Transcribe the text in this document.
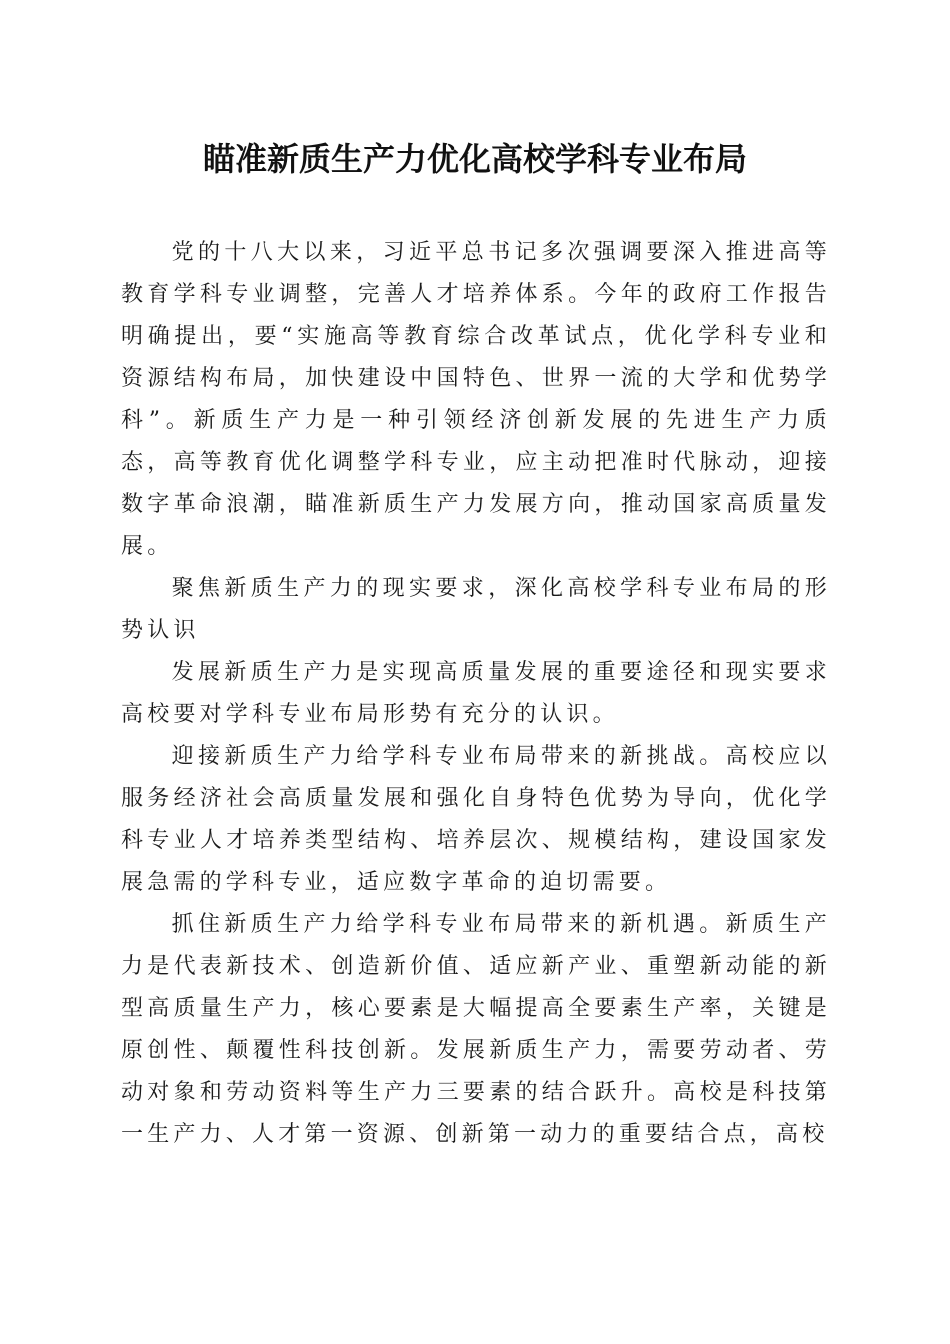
瞄准新质生产力优化高校学科专业布局

党的十八大以来，习近平总书记多次强调要深入推进高等教育学科专业调整，完善人才培养体系。今年的政府工作报告明确提出，要“实施高等教育综合改革试点，优化学科专业和资源结构布局，加快建设中国特色、世界一流的大学和优势学科”。新质生产力是一种引领经济创新发展的先进生产力质态，高等教育优化调整学科专业，应主动把准时代脉动，迎接数字革命浪潮，瞄准新质生产力发展方向，推动国家高质量发展。

聚焦新质生产力的现实要求，深化高校学科专业布局的形势认识

发展新质生产力是实现高质量发展的重要途径和现实要求高校要对学科专业布局形势有充分的认识。

迎接新质生产力给学科专业布局带来的新挑战。高校应以服务经济社会高质量发展和强化自身特色优势为导向，优化学科专业人才培养类型结构、培养层次、规模结构，建设国家发展急需的学科专业，适应数字革命的迫切需要。

抓住新质生产力给学科专业布局带来的新机遇。新质生产力是代表新技术、创造新价值、适应新产业、重塑新动能的新型高质量生产力，核心要素是大幅提高全要素生产率，关键是原创性、颠覆性科技创新。发展新质生产力，需要劳动者、劳动对象和劳动资料等生产力三要素的结合跃升。高校是科技第一生产力、人才第一资源、创新第一动力的重要结合点，高校
